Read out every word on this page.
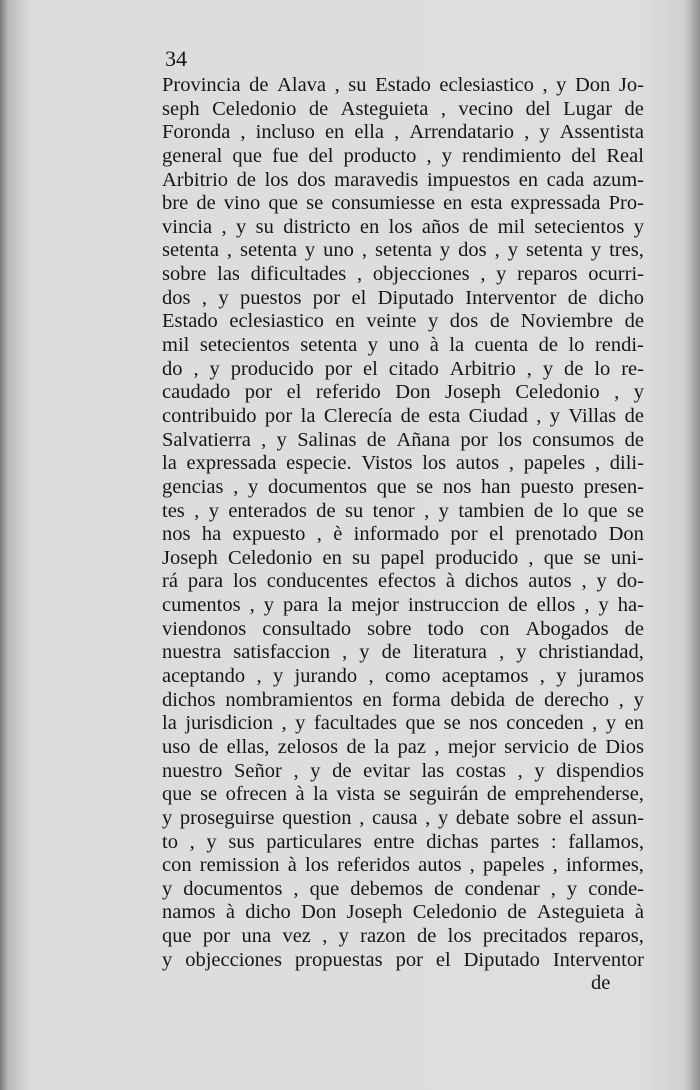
34
Provincia de Alava , su Estado eclesiastico , y Don Jo-
seph Celedonio de Asteguieta , vecino del Lugar de
Foronda , incluso en ella , Arrendatario , y Assentista
general que fue del producto , y rendimiento del Real
Arbitrio de los dos maravedis impuestos en cada azum-
bre de vino que se consumiesse en esta expressada Pro-
vincia , y su districto en los años de mil setecientos y
setenta , setenta y uno , setenta y dos , y setenta y tres,
sobre las dificultades , objecciones , y reparos ocurri-
dos , y puestos por el Diputado Interventor de dicho
Estado eclesiastico en veinte y dos de Noviembre de
mil setecientos setenta y uno à la cuenta de lo rendi-
do , y producido por el citado Arbitrio , y de lo re-
caudado por el referido Don Joseph Celedonio , y
contribuido por la Clerecía de esta Ciudad , y Villas de
Salvatierra , y Salinas de Añana por los consumos de
la expressada especie. Vistos los autos , papeles , dili-
gencias , y documentos que se nos han puesto presen-
tes , y enterados de su tenor , y tambien de lo que se
nos ha expuesto , è informado por el prenotado Don
Joseph Celedonio en su papel producido , que se uni-
rá para los conducentes efectos à dichos autos , y do-
cumentos , y para la mejor instruccion de ellos , y ha-
viendonos consultado sobre todo con Abogados de
nuestra satisfaccion , y de literatura , y christiandad,
aceptando , y jurando , como aceptamos , y juramos
dichos nombramientos en forma debida de derecho , y
la jurisdicion , y facultades que se nos conceden , y en
uso de ellas, zelosos de la paz , mejor servicio de Dios
nuestro Señor , y de evitar las costas , y dispendios
que se ofrecen à la vista se seguirán de emprehenderse,
y proseguirse question , causa , y debate sobre el assun-
to , y sus particulares entre dichas partes : fallamos,
con remission à los referidos autos , papeles , informes,
y documentos , que debemos de condenar , y conde-
namos à dicho Don Joseph Celedonio de Asteguieta à
que por una vez , y razon de los precitados reparos,
y objecciones propuestas por el Diputado Interventor
de
